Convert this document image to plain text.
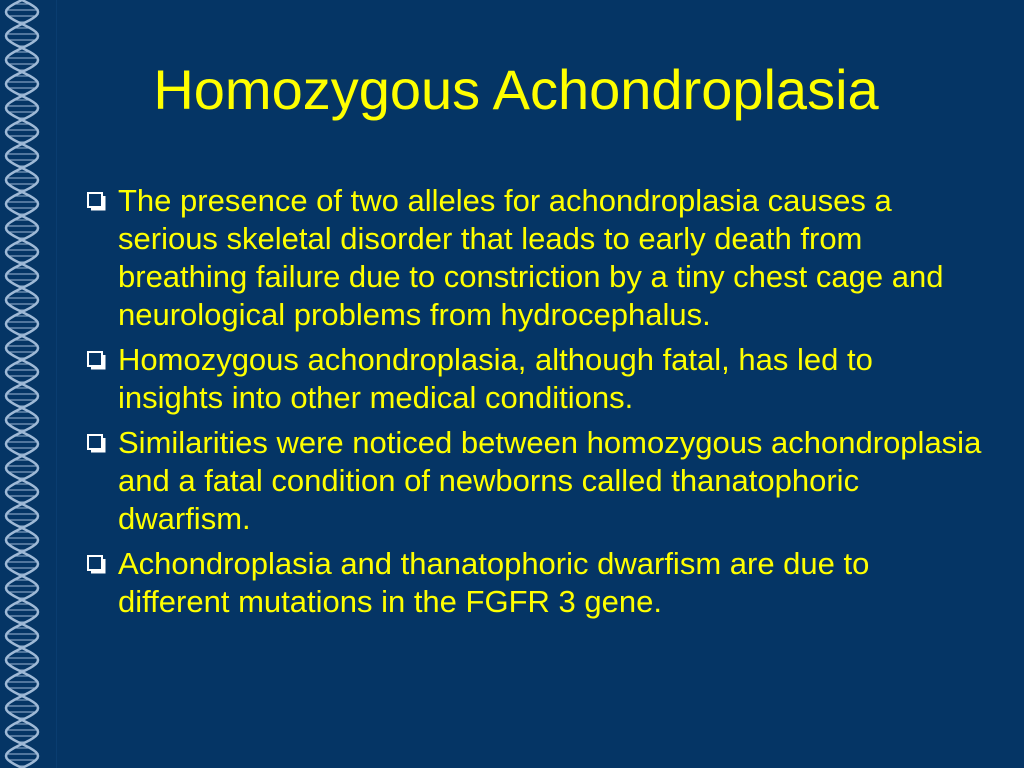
Homozygous Achondroplasia
The presence of two alleles for achondroplasia causes a serious skeletal disorder that leads to early death from breathing failure due to constriction by a tiny chest cage and neurological problems from hydrocephalus.
Homozygous achondroplasia, although fatal, has led to insights into other medical conditions.
Similarities were noticed between homozygous achondroplasia and a fatal condition of newborns called thanatophoric dwarfism.
Achondroplasia and thanatophoric dwarfism are due to different mutations in the FGFR 3 gene.
